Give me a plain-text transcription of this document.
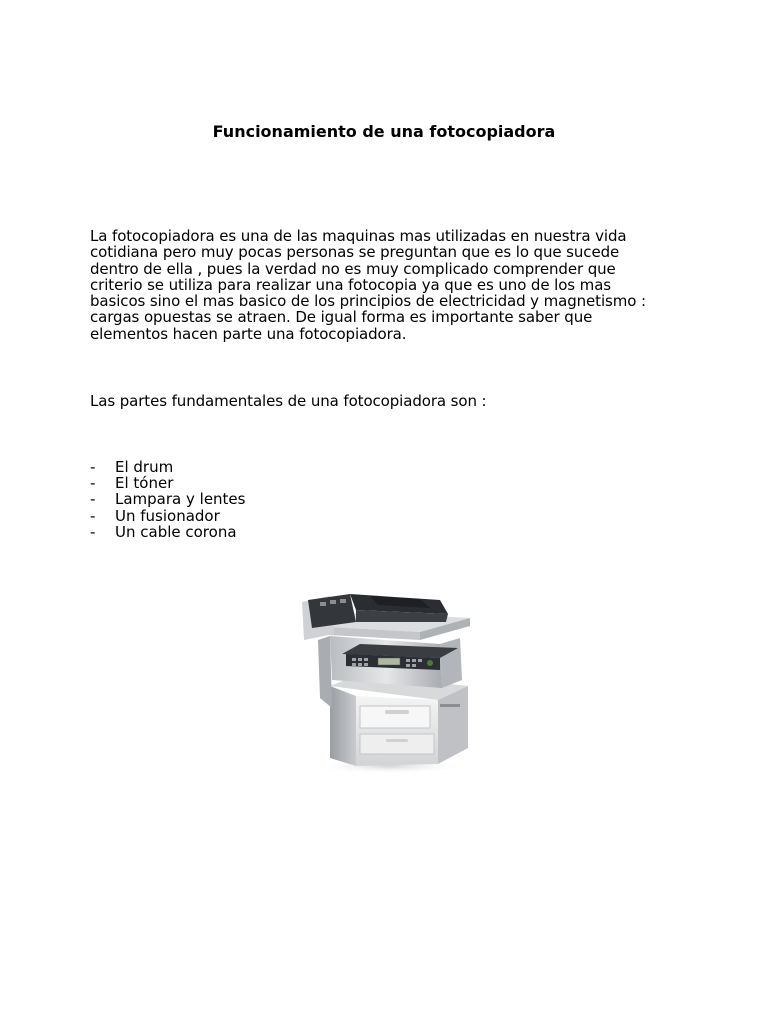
Funcionamiento de una fotocopiadora

La fotocopiadora es una de las maquinas mas utilizadas en nuestra vida
cotidiana pero muy pocas personas se preguntan que es lo que sucede
dentro de ella , pues la verdad no es muy complicado comprender que
criterio se utiliza para realizar una fotocopia ya que es uno de los mas
basicos sino el mas basico de los principios de electricidad y magnetismo :
cargas opuestas se atraen. De igual forma es importante saber que
elementos hacen parte una fotocopiadora.

Las partes fundamentales de una fotocopiadora son :

-	El drum
-	El tóner
-	Lampara y lentes
-	Un fusionador
-	Un cable corona
